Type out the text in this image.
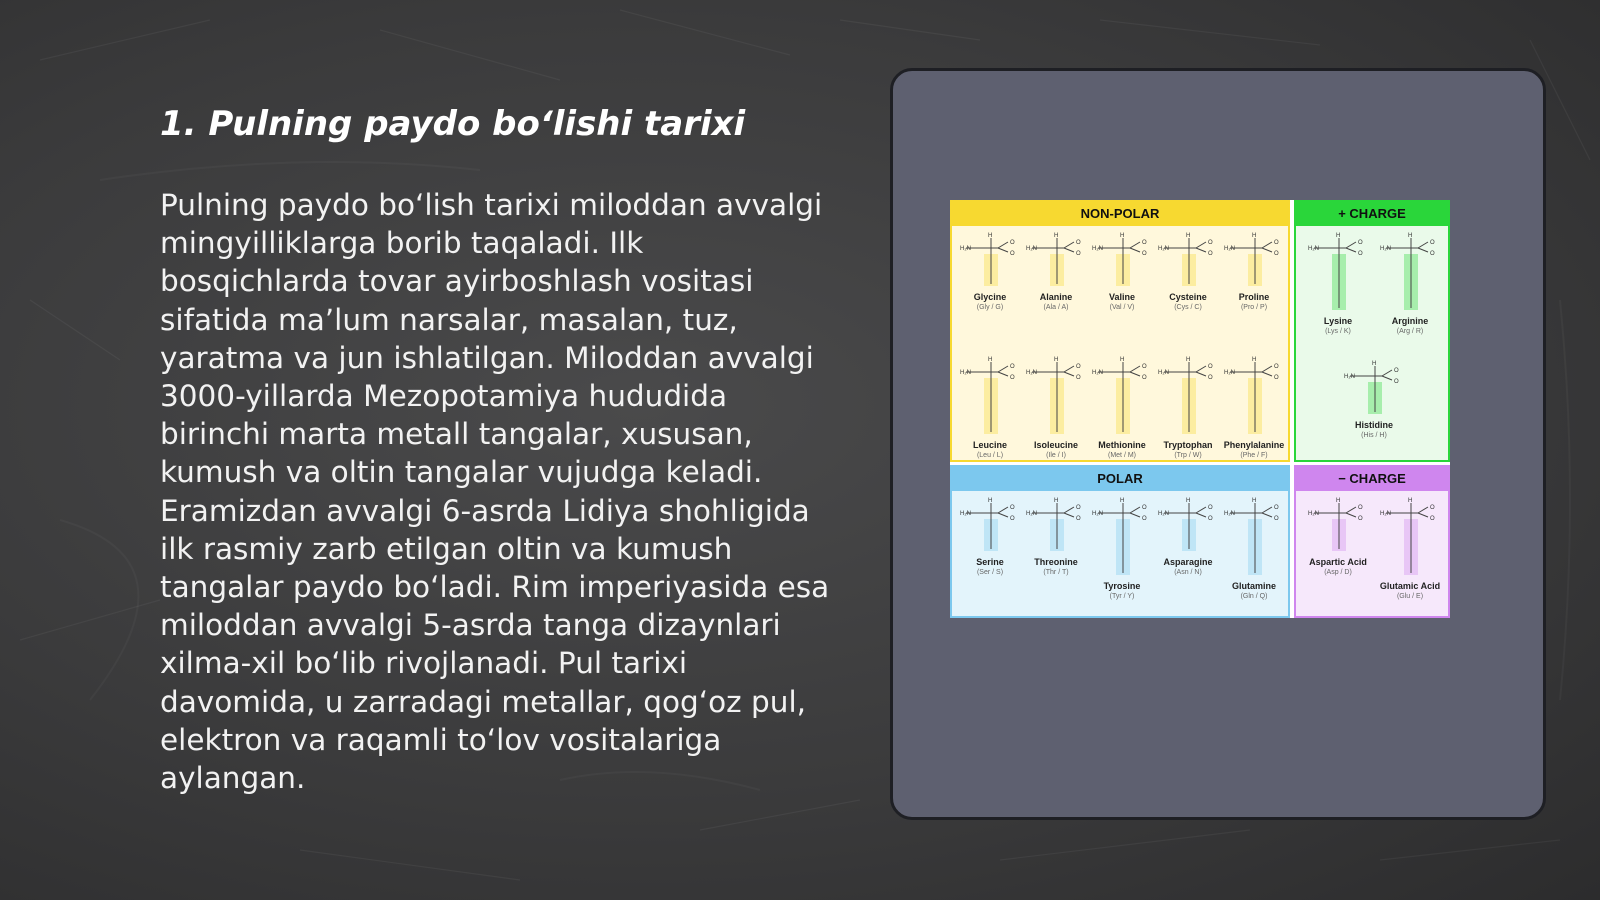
1. Pulning paydo bo‘lishi tarixi

Pulning paydo bo‘lish tarixi miloddan avvalgi mingyilliklarga borib taqaladi. Ilk bosqichlarda tovar ayirboshlash vositasi sifatida ma’lum narsalar, masalan, tuz, yaratma va jun ishlatilgan. Miloddan avvalgi 3000-yillarda Mezopotamiya hududida birinchi marta metall tangalar, xususan, kumush va oltin tangalar vujudga keladi. Eramizdan avvalgi 6-asrda Lidiya shohligida ilk rasmiy zarb etilgan oltin va kumush tangalar paydo bo‘ladi. Rim imperiyasida esa miloddan avvalgi 5-asrda tanga dizaynlari xilma-xil bo‘lib rivojlanadi. Pul tarixi davomida, u zarradagi metallar, qog‘oz pul, elektron va raqamli to‘lov vositalariga aylangan.

NON-POLAR
H₂N
H
O
O
Glycine
(Gly / G)
H₂N
H
O
O
Alanine
(Ala / A)
H₂N
H
O
O
Valine
(Val / V)
H₂N
H
O
O
Cysteine
(Cys / C)
H₂N
H
O
O
Proline
(Pro / P)
H₂N
H
O
O
Leucine
(Leu / L)
H₂N
H
O
O
Isoleucine
(Ile / I)
H₂N
H
O
O
Methionine
(Met / M)
H₂N
H
O
O
Tryptophan
(Trp / W)
H₂N
H
O
O
Phenylalanine
(Phe / F)
+ CHARGE
H₂N
H
O
O
Lysine
(Lys / K)
H₂N
H
O
O
Arginine
(Arg / R)
H₂N
H
O
O
Histidine
(His / H)
POLAR
H₂N
H
O
O
Serine
(Ser / S)
H₂N
H
O
O
Threonine
(Thr / T)
H₂N
H
O
O
Tyrosine
(Tyr / Y)
H₂N
H
O
O
Asparagine
(Asn / N)
H₂N
H
O
O
Glutamine
(Gln / Q)
− CHARGE
H₂N
H
O
O
Aspartic Acid
(Asp / D)
H₂N
H
O
O
Glutamic Acid
(Glu / E)
